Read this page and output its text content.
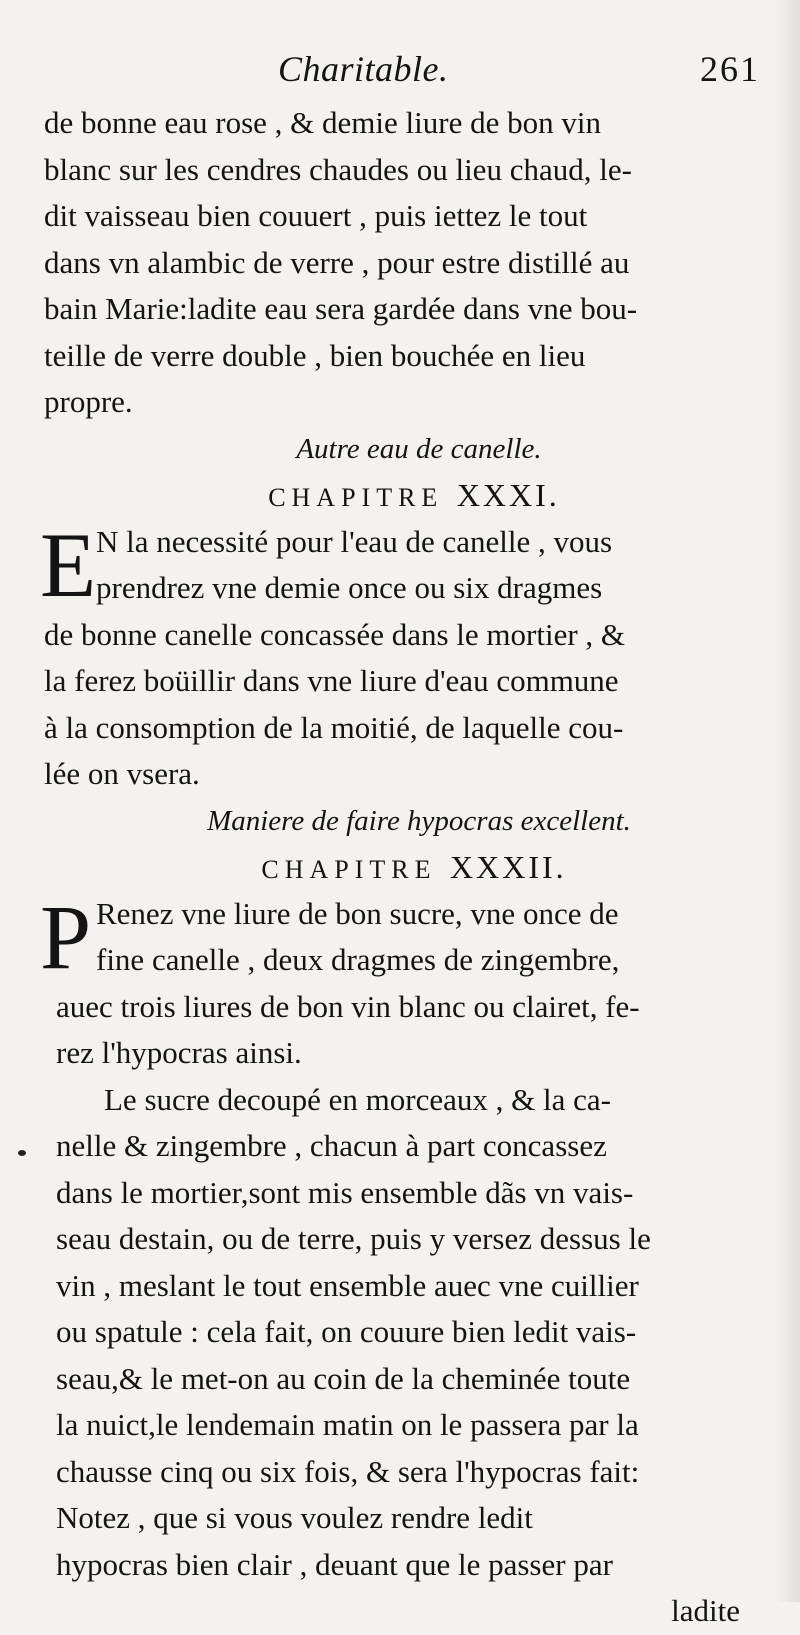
Charitable.	261
de bonne eau rose , & demie liure de bon vin
blanc sur les cendres chaudes ou lieu chaud, le-
dit vaisseau bien couuert , puis iettez le tout
dans vn alambic de verre , pour estre distillé au
bain Marie:ladite eau sera gardée dans vne bou-
teille de verre double , bien bouchée en lieu
propre.
Autre eau de canelle.
CHAPITRE XXXI.
E N la necessité pour l'eau de canelle , vous
prendrez vne demie once ou six dragmes
de bonne canelle concassée dans le mortier , &
la ferez boüillir dans vne liure d'eau commune
à la consomption de la moitié, de laquelle cou-
lée on vsera.
Maniere de faire hypocras excellent.
CHAPITRE XXXII.
P Renez vne liure de bon sucre, vne once de
fine canelle , deux dragmes de zingembre,
auec trois liures de bon vin blanc ou clairet, fe-
rez l'hypocras ainsi.
Le sucre decoupé en morceaux , & la ca-
nelle & zingembre , chacun à part concassez
dans le mortier,sont mis ensemble dãs vn vais-
seau destain, ou de terre, puis y versez dessus le
vin , meslant le tout ensemble auec vne cuillier
ou spatule : cela fait, on couure bien ledit vais-
seau,& le met-on au coin de la cheminée toute
la nuict,le lendemain matin on le passera par la
chausse cinq ou six fois, & sera l'hypocras fait:
Notez , que si vous voulez rendre ledit
hypocras bien clair , deuant que le passer par
ladite
